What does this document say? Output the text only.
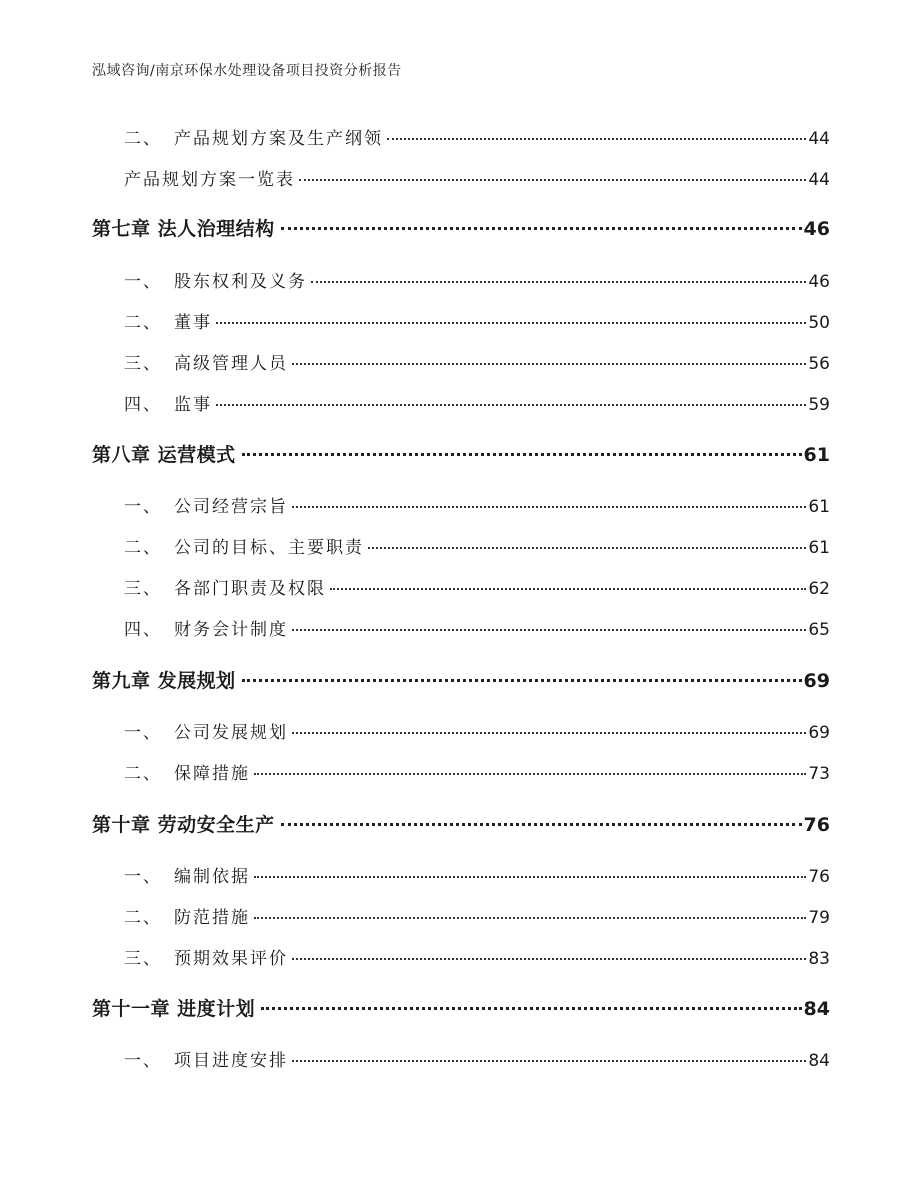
泓域咨询/南京环保水处理设备项目投资分析报告
二、 产品规划方案及生产纲领	44
产品规划方案一览表	44
第七章 法人治理结构	46
一、 股东权利及义务	46
二、 董事	50
三、 高级管理人员	56
四、 监事	59
第八章 运营模式	61
一、 公司经营宗旨	61
二、 公司的目标、主要职责	61
三、 各部门职责及权限	62
四、 财务会计制度	65
第九章 发展规划	69
一、 公司发展规划	69
二、 保障措施	73
第十章 劳动安全生产	76
一、 编制依据	76
二、 防范措施	79
三、 预期效果评价	83
第十一章 进度计划	84
一、 项目进度安排	84
